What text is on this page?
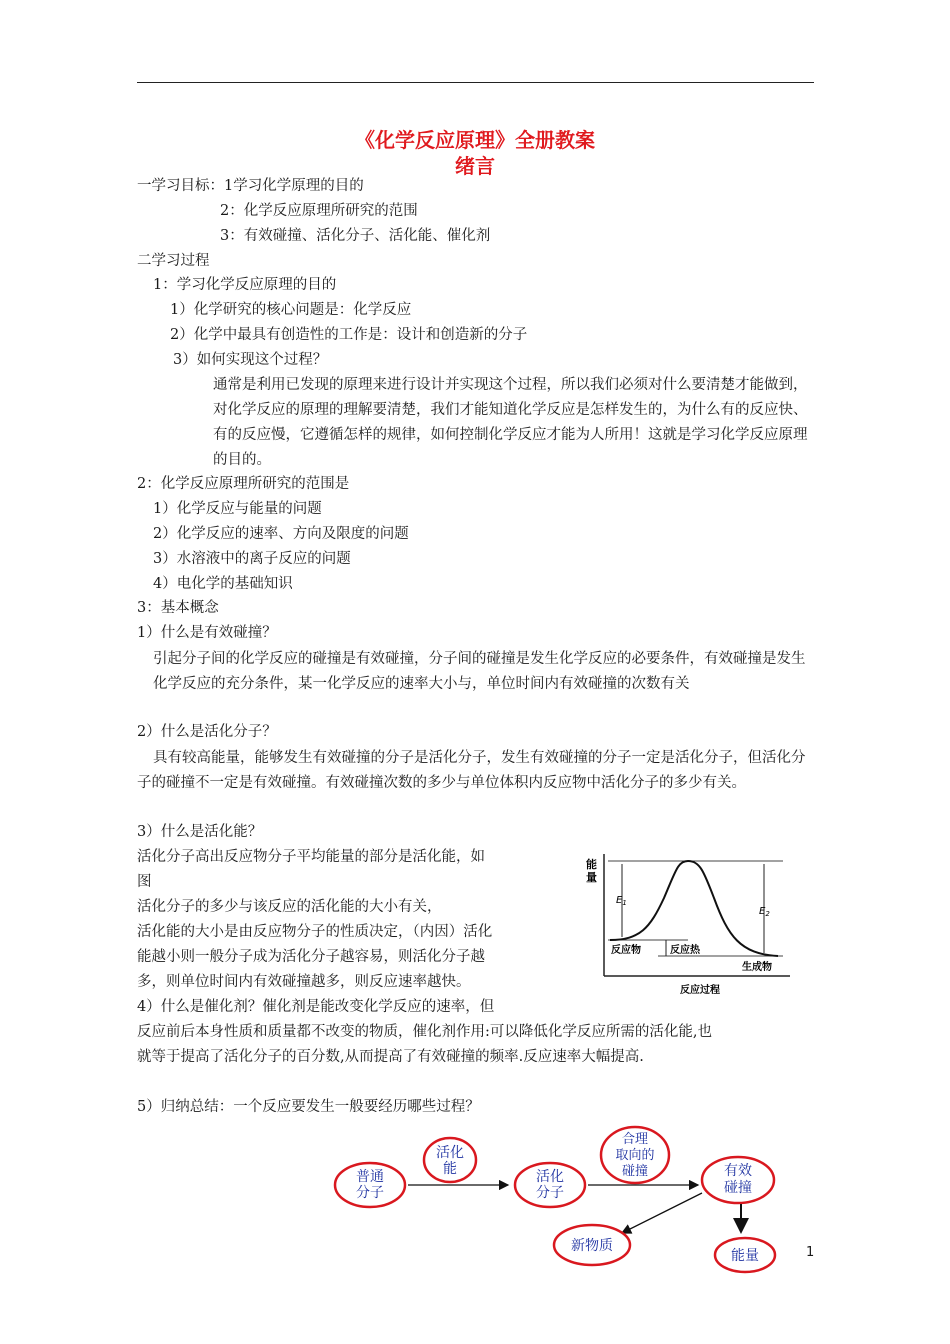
《化学反应原理》全册教案
绪言
一学习目标：1学习化学原理的目的
2：化学反应原理所研究的范围
3：有效碰撞、活化分子、活化能、催化剂
二学习过程
1：学习化学反应原理的目的
1）化学研究的核心问题是：化学反应
2）化学中最具有创造性的工作是：设计和创造新的分子
3）如何实现这个过程？
通常是利用已发现的原理来进行设计并实现这个过程，所以我们必须对什么要清楚才能做到，对化学反应的原理的理解要清楚，我们才能知道化学反应是怎样发生的，为什么有的反应快、有的反应慢，它遵循怎样的规律，如何控制化学反应才能为人所用！这就是学习化学反应原理的目的。
2：化学反应原理所研究的范围是
1）化学反应与能量的问题
2）化学反应的速率、方向及限度的问题
3）水溶液中的离子反应的问题
4）电化学的基础知识
3：基本概念
1）什么是有效碰撞？
引起分子间的化学反应的碰撞是有效碰撞，分子间的碰撞是发生化学反应的必要条件，有效碰撞是发生化学反应的充分条件，某一化学反应的速率大小与，单位时间内有效碰撞的次数有关
2）什么是活化分子？
具有较高能量，能够发生有效碰撞的分子是活化分子，发生有效碰撞的分子一定是活化分子，但活化分子的碰撞不一定是有效碰撞。有效碰撞次数的多少与单位体积内反应物中活化分子的多少有关。
3）什么是活化能？
活化分子高出反应物分子平均能量的部分是活化能，如
图
活化分子的多少与该反应的活化能的大小有关，
活化能的大小是由反应物分子的性质决定，（内因）活化
能越小则一般分子成为活化分子越容易，则活化分子越
多，则单位时间内有效碰撞越多，则反应速率越快。
4）什么是催化剂？催化剂是能改变化学反应的速率，但
反应前后本身性质和质量都不改变的物质，催化剂作用:可以降低化学反应所需的活化能,也
就等于提高了活化分子的百分数,从而提高了有效碰撞的频率.反应速率大幅提高.
5）归纳总结：一个反应要发生一般要经历哪些过程？
能
量
$E_1$
$E_2$
反应物	反应热
生成物
反应过程
普通
分子
活化
能	活化
分子
合理
取向的
碰撞	有效
碰撞
新物质
能量	1
